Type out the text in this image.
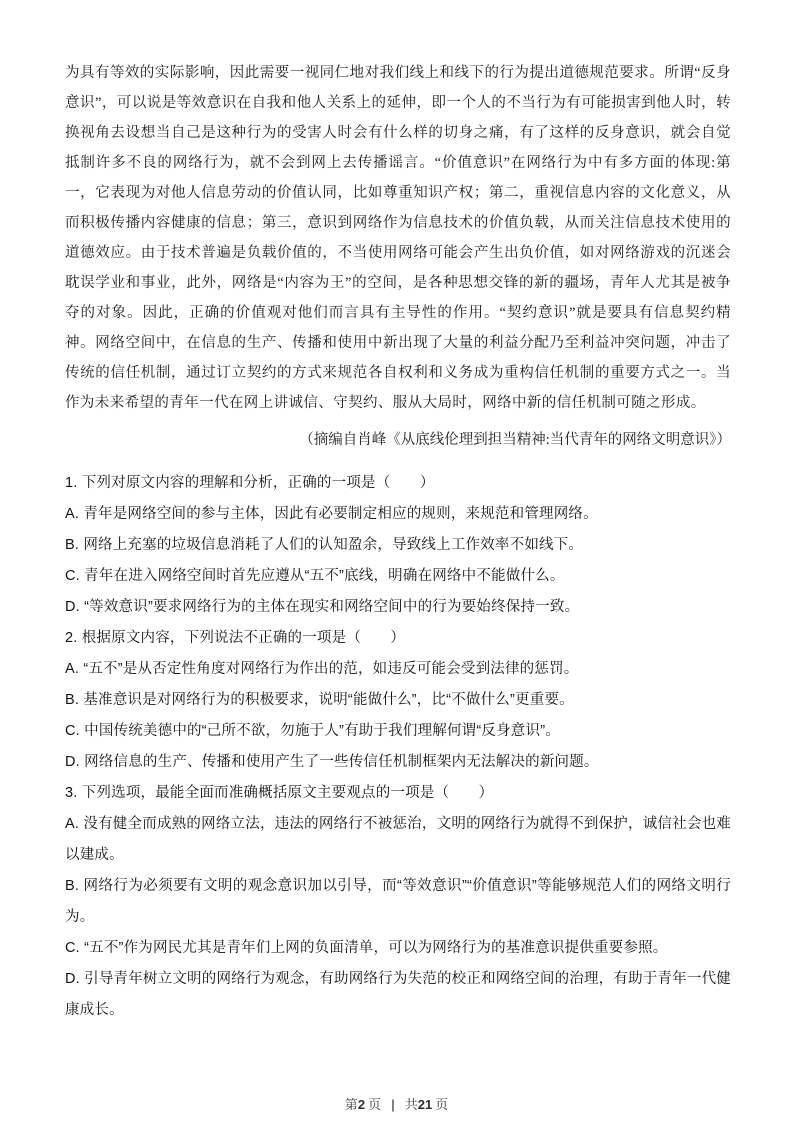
为具有等效的实际影响，因此需要一视同仁地对我们线上和线下的行为提出道德规范要求。所谓“反身意识”，可以说是等效意识在自我和他人关系上的延伸，即一个人的不当行为有可能损害到他人时，转换视角去设想当自己是这种行为的受害人时会有什么样的切身之痛，有了这样的反身意识，就会自觉抵制许多不良的网络行为，就不会到网上去传播谣言。“价值意识”在网络行为中有多方面的体现:第一，它表现为对他人信息劳动的价值认同，比如尊重知识产权；第二，重视信息内容的文化意义，从而积极传播内容健康的信息；第三，意识到网络作为信息技术的价值负载，从而关注信息技术使用的道德效应。由于技术普遍是负载价值的，不当使用网络可能会产生出负价值，如对网络游戏的沉迷会耽误学业和事业，此外，网络是“内容为王”的空间，是各种思想交锋的新的疆场，青年人尤其是被争夺的对象。因此，正确的价值观对他们而言具有主导性的作用。“契约意识”就是要具有信息契约精神。网络空间中，在信息的生产、传播和使用中新出现了大量的利益分配乃至利益冲突问题，冲击了传统的信任机制，通过订立契约的方式来规范各自权利和义务成为重构信任机制的重要方式之一。当作为未来希望的青年一代在网上讲诚信、守契约、服从大局时，网络中新的信任机制可随之形成。
（摘编自肖峰《从底线伦理到担当精神:当代青年的网络文明意识》）
1. 下列对原文内容的理解和分析，正确的一项是（　　）
A. 青年是网络空间的参与主体，因此有必要制定相应的规则，来规范和管理网络。
B. 网络上充塞的垃圾信息消耗了人们的认知盈余，导致线上工作效率不如线下。
C. 青年在进入网络空间时首先应遵从“五不”底线，明确在网络中不能做什么。
D. “等效意识”要求网络行为的主体在现实和网络空间中的行为要始终保持一致。
2. 根据原文内容，下列说法不正确的一项是（　　）
A. “五不”是从否定性角度对网络行为作出的范，如违反可能会受到法律的惩罚。
B. 基准意识是对网络行为的积极要求，说明“能做什么”，比“不做什么”更重要。
C. 中国传统美德中的“己所不欲，勿施于人”有助于我们理解何谓“反身意识”。
D. 网络信息的生产、传播和使用产生了一些传信任机制框架内无法解决的新问题。
3. 下列选项，最能全面而准确概括原文主要观点的一项是（　　）
A. 没有健全而成熟的网络立法，违法的网络行不被惩治，文明的网络行为就得不到保护，诚信社会也难以建成。
B. 网络行为必须要有文明的观念意识加以引导，而“等效意识”“价值意识”等能够规范人们的网络文明行为。
C. “五不”作为网民尤其是青年们上网的负面清单，可以为网络行为的基准意识提供重要参照。
D. 引导青年树立文明的网络行为观念，有助网络行为失范的校正和网络空间的治理，有助于青年一代健康成长。
第2 页 | 共21 页
